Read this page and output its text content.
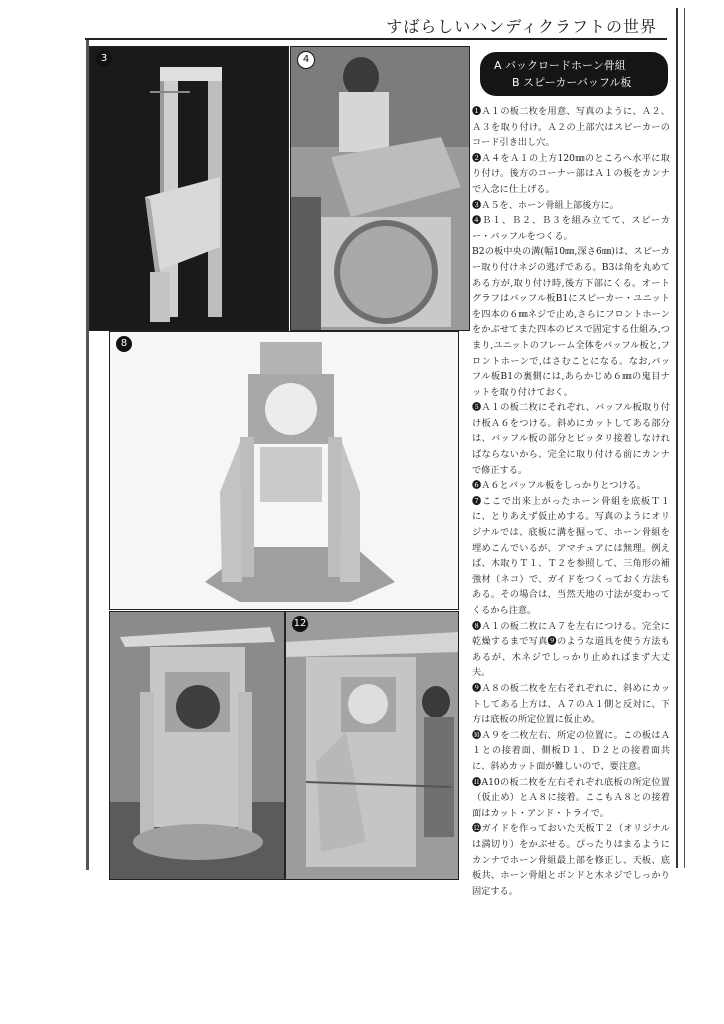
すばらしいハンディクラフトの世界
3	4
8
12
A バックロードホーン骨組
B スピーカーバッフル板

❶Ａ１の板二枚を用意、写真のように、Ａ２、Ａ３を取り付け。Ａ２の上部穴はスピーカーのコード引き出し穴。

❷Ａ４をＡ１の上方120㎜のところへ水平に取り付け。後方のコーナー部はＡ１の板をカンナで入念に仕上げる。

❸Ａ５を、ホーン骨組上部後方に。

❹Ｂ１、Ｂ２、Ｂ３を組み立てて、スピーカー・バッフルをつくる。

B2の板中央の溝(幅10㎜,深さ6㎜)は、スピーカー取り付けネジの逃げである。B3は角を丸めてある方が,取り付け時,後方下部にくる。オートグラフはバッフル板B1にスピーカー・ユニットを四本の６㎜ネジで止め,さらにフロントホーンをかぶせてまた四本のビスで固定する仕組み,つまり,ユニットのフレーム全体をバッフル板と,フロントホーンで,はさむことになる。なお,バッフル板B1の裏側には,あらかじめ６㎜の鬼目ナットを取り付けておく。

❺Ａ１の板二枚にそれぞれ、バッフル板取り付け板Ａ６をつける。斜めにカットしてある部分は、バッフル板の部分とピッタリ接着しなければならないから、完全に取り付ける前にカンナで修正する。

❻Ａ６とバッフル板をしっかりとつける。

❼ここで出来上がったホーン骨組を底板Ｔ１に、とりあえず仮止めする。写真のようにオリジナルでは、底板に溝を掘って、ホーン骨組を埋めこんでいるが、アマチュアには無理。例えば、木取りＴ１、Ｔ２を参照して、三角形の補強材（ネコ）で、ガイドをつくっておく方法もある。その場合は、当然天地の寸法が変わってくるから注意。

❽Ａ１の板二枚にＡ７を左右につける。完全に乾燥するまで写真❾のような道具を使う方法もあるが、木ネジでしっかり止めればまず大丈夫。

❾Ａ８の板二枚を左右それぞれに、斜めにカットしてある上方は、Ａ７のＡ１側と反対に、下方は底板の所定位置に仮止め。

❿Ａ９を二枚左右、所定の位置に。この板はＡ１との接着面、側板Ｄ１、Ｄ２との接着面共に、斜めカット面が難しいので、要注意。

⓫A10の板二枚を左右それぞれ底板の所定位置（仮止め）とＡ８に接着。ここもＡ８との接着面はカット・アンド・トライで。

⓬ガイドを作っておいた天板Ｔ２（オリジナルは満切り）をかぶせる。ぴったりはまるようにカンナでホーン骨組最上部を修正し、天板、底板共、ホーン骨組とボンドと木ネジでしっかり固定する。
